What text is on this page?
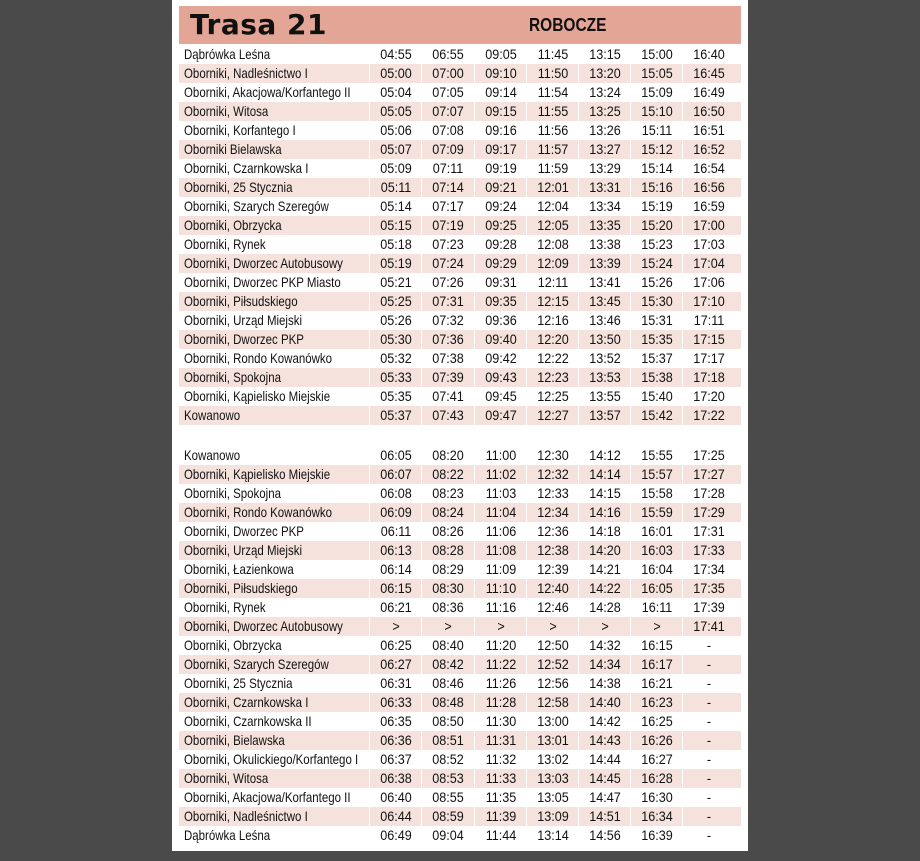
Trasa 21	ROBOCZE
Dąbrówka Leśna	04:55	06:55	09:05	11:45	13:15	15:00	16:40
Oborniki, Nadleśnictwo I	05:00	07:00	09:10	11:50	13:20	15:05	16:45
Oborniki, Akacjowa/Korfantego II	05:04	07:05	09:14	11:54	13:24	15:09	16:49
Oborniki, Witosa	05:05	07:07	09:15	11:55	13:25	15:10	16:50
Oborniki, Korfantego I	05:06	07:08	09:16	11:56	13:26	15:11	16:51
Oborniki Bielawska	05:07	07:09	09:17	11:57	13:27	15:12	16:52
Oborniki, Czarnkowska I	05:09	07:11	09:19	11:59	13:29	15:14	16:54
Oborniki, 25 Stycznia	05:11	07:14	09:21	12:01	13:31	15:16	16:56
Oborniki, Szarych Szeregów	05:14	07:17	09:24	12:04	13:34	15:19	16:59
Oborniki, Obrzycka	05:15	07:19	09:25	12:05	13:35	15:20	17:00
Oborniki, Rynek	05:18	07:23	09:28	12:08	13:38	15:23	17:03
Oborniki, Dworzec Autobusowy	05:19	07:24	09:29	12:09	13:39	15:24	17:04
Oborniki, Dworzec PKP Miasto	05:21	07:26	09:31	12:11	13:41	15:26	17:06
Oborniki, Piłsudskiego	05:25	07:31	09:35	12:15	13:45	15:30	17:10
Oborniki, Urząd Miejski	05:26	07:32	09:36	12:16	13:46	15:31	17:11
Oborniki, Dworzec PKP	05:30	07:36	09:40	12:20	13:50	15:35	17:15
Oborniki, Rondo Kowanówko	05:32	07:38	09:42	12:22	13:52	15:37	17:17
Oborniki, Spokojna	05:33	07:39	09:43	12:23	13:53	15:38	17:18
Oborniki, Kąpielisko Miejskie	05:35	07:41	09:45	12:25	13:55	15:40	17:20
Kowanowo	05:37	07:43	09:47	12:27	13:57	15:42	17:22
Kowanowo	06:05	08:20	11:00	12:30	14:12	15:55	17:25
Oborniki, Kąpielisko Miejskie	06:07	08:22	11:02	12:32	14:14	15:57	17:27
Oborniki, Spokojna	06:08	08:23	11:03	12:33	14:15	15:58	17:28
Oborniki, Rondo Kowanówko	06:09	08:24	11:04	12:34	14:16	15:59	17:29
Oborniki, Dworzec PKP	06:11	08:26	11:06	12:36	14:18	16:01	17:31
Oborniki, Urząd Miejski	06:13	08:28	11:08	12:38	14:20	16:03	17:33
Oborniki, Łazienkowa	06:14	08:29	11:09	12:39	14:21	16:04	17:34
Oborniki, Piłsudskiego	06:15	08:30	11:10	12:40	14:22	16:05	17:35
Oborniki, Rynek	06:21	08:36	11:16	12:46	14:28	16:11	17:39
Oborniki, Dworzec Autobusowy	>	>	>	>	>	>	17:41
Oborniki, Obrzycka	06:25	08:40	11:20	12:50	14:32	16:15	-
Oborniki, Szarych Szeregów	06:27	08:42	11:22	12:52	14:34	16:17	-
Oborniki, 25 Stycznia	06:31	08:46	11:26	12:56	14:38	16:21	-
Oborniki, Czarnkowska I	06:33	08:48	11:28	12:58	14:40	16:23	-
Oborniki, Czarnkowska II	06:35	08:50	11:30	13:00	14:42	16:25	-
Oborniki, Bielawska	06:36	08:51	11:31	13:01	14:43	16:26	-
Oborniki, Okulickiego/Korfantego I	06:37	08:52	11:32	13:02	14:44	16:27	-
Oborniki, Witosa	06:38	08:53	11:33	13:03	14:45	16:28	-
Oborniki, Akacjowa/Korfantego II	06:40	08:55	11:35	13:05	14:47	16:30	-
Oborniki, Nadleśnictwo I	06:44	08:59	11:39	13:09	14:51	16:34	-
Dąbrówka Leśna	06:49	09:04	11:44	13:14	14:56	16:39	-
